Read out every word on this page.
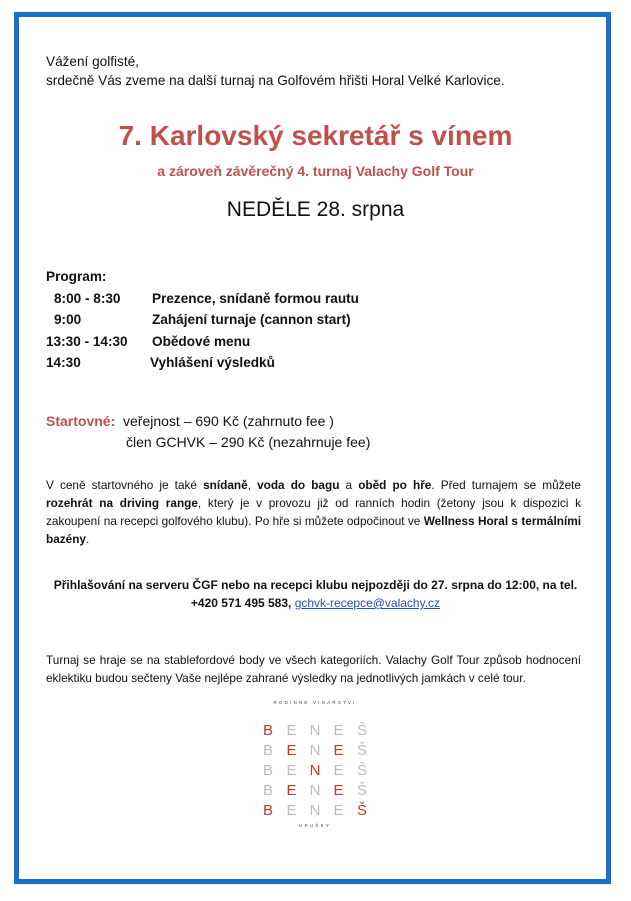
Vážení golfisté,
srdečně Vás zveme na další turnaj na Golfovém hřišti Horal Velké Karlovice.
7. Karlovský sekretář s vínem
a zároveň závěrečný 4. turnaj Valachy Golf Tour
NEDĚLE 28. srpna
Program:
8:00 - 8:30 Prezence, snídaně formou rautu
9:00	Zahájení turnaje (cannon start)
13:30 - 14:30 Obědové menu
14:30	Vyhlášení výsledků
Startovné: veřejnost – 690 Kč (zahrnuto fee )
člen GCHVK – 290 Kč (nezahrnuje fee)
V ceně startovného je také snídaně, voda do bagu a oběd po hře. Před turnajem se můžete rozehrát na driving range, který je v provozu již od ranních hodin (žetony jsou k dispozici k zakoupení na recepci golfového klubu). Po hře si můžete odpočinout ve Wellness Horal s termálními bazény.
Přihlašování na serveru ČGF nebo na recepci klubu nejpozději do 27. srpna do 12:00, na tel.
+420 571 495 583, gchvk-recepce@valachy.cz
Turnaj se hraje se na stablefordové body ve všech kategoriích. Valachy Golf Tour způsob hodnocení eklektiku budou sečteny Vaše nejlépe zahrané výsledky na jednotlivých jamkách v celé tour.
RODINNÉ VINAŘSTVÍ
B E N E Š
B E N E Š
B E N E Š
B E N E Š
B E N E Š
HRUŠKY
